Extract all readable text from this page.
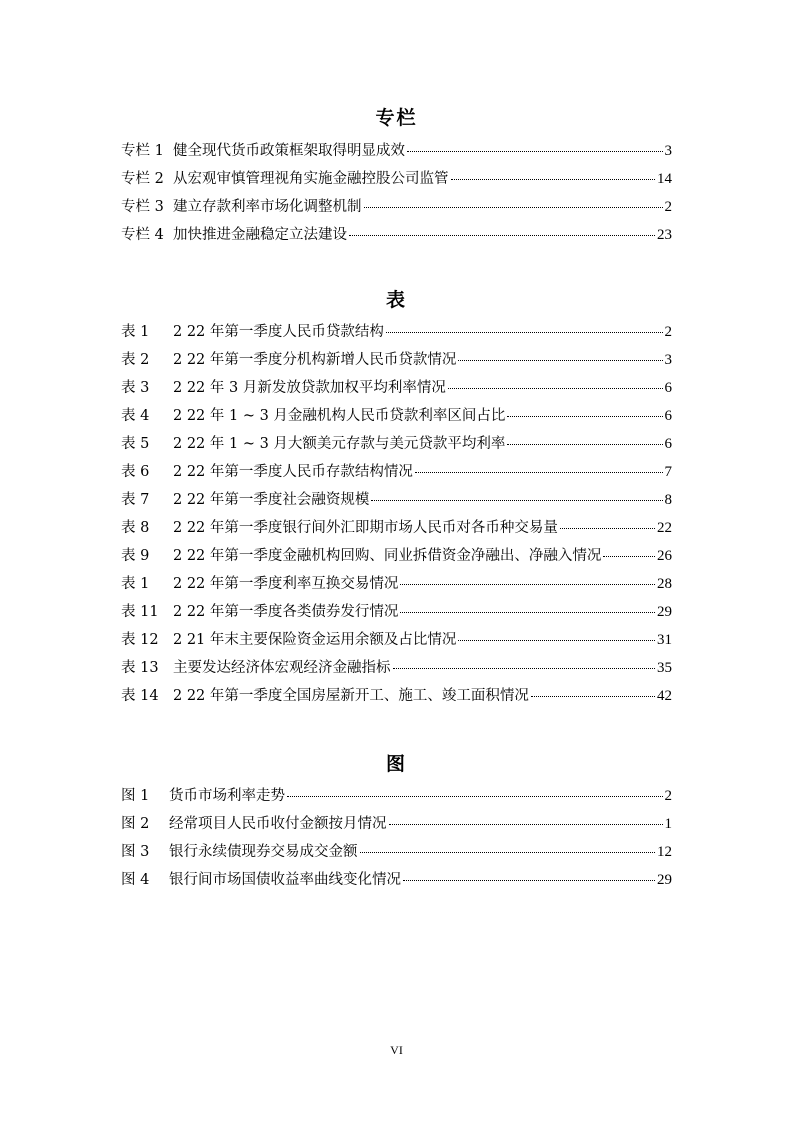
专栏
专栏 1 健全现代货币政策框架取得明显成效	3
专栏 2 从宏观审慎管理视角实施金融控股公司监管	14
专栏 3 建立存款利率市场化调整机制	2
专栏 4 加快推进金融稳定立法建设	23
表
表 1	2 22 年第一季度人民币贷款结构	2
表 2	2 22 年第一季度分机构新增人民币贷款情况	3
表 3	2 22 年 3 月新发放贷款加权平均利率情况	6
表 4	2 22 年 1 ~ 3 月金融机构人民币贷款利率区间占比	6
表 5	2 22 年 1 ~ 3 月大额美元存款与美元贷款平均利率	6
表 6	2 22 年第一季度人民币存款结构情况	7
表 7	2 22 年第一季度社会融资规模	8
表 8	2 22 年第一季度银行间外汇即期市场人民币对各币种交易量	22
表 9	2 22 年第一季度金融机构回购、同业拆借资金净融出、净融入情况	26
表 1	2 22 年第一季度利率互换交易情况	28
表 11 2 22 年第一季度各类债券发行情况	29
表 12 2 21 年末主要保险资金运用余额及占比情况	31
表 13 主要发达经济体宏观经济金融指标	35
表 14 2 22 年第一季度全国房屋新开工、施工、竣工面积情况	42
图
图 1	货币市场利率走势	2
图 2	经常项目人民币收付金额按月情况	1
图 3	银行永续债现券交易成交金额	12
图 4	银行间市场国债收益率曲线变化情况	29
VI
